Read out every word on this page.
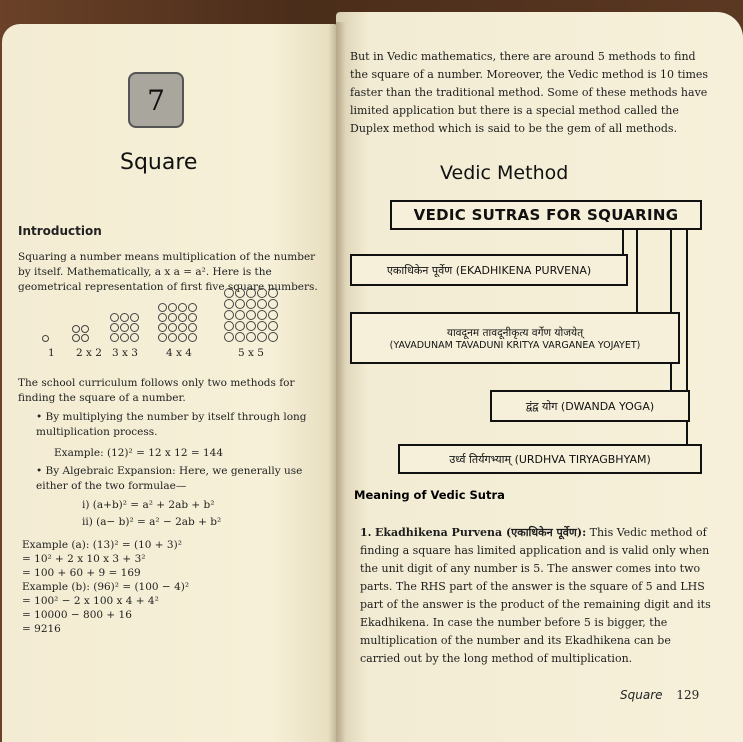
7
Square
Introduction
Squaring a number means multiplication of the number by itself. Mathematically, a x a = a². Here is the geometrical representation of first five square numbers.
1 2 x 2 3 x 3	4 x 4	5 x 5
The school curriculum follows only two methods for finding the square of a number.
• By multiplying the number by itself through long multiplication process.
Example: (12)² = 12 x 12 = 144
• By Algebraic Expansion: Here, we generally use either of the two formulae—
i) (a+b)² = a² + 2ab + b²
ii) (a− b)² = a² − 2ab + b²
Example (a): (13)² = (10 + 3)²
= 10² + 2 x 10 x 3 + 3²
= 100 + 60 + 9 = 169
Example (b): (96)² = (100 − 4)²
= 100² − 2 x 100 x 4 + 4²
= 10000 − 800 + 16
= 9216
But in Vedic mathematics, there are around 5 methods to find the square of a number. Moreover, the Vedic method is 10 times faster than the traditional method. Some of these methods have limited application but there is a special method called the Duplex method which is said to be the gem of all methods.
Vedic Method
VEDIC SUTRAS FOR SQUARING
एकाधिकेन पूर्वेण (EKADHIKENA PURVENA)
यावदूनम तावदूनीकृत्य वर्गेण योजयेत्
(YAVADUNAM TAVADUNI KRITYA VARGANEA YOJAYET)
द्वंद्व योग (DWANDA YOGA)
उर्ध्व तिर्यगभ्याम् (URDHVA TIRYAGBHYAM)
Meaning of Vedic Sutra
1. Ekadhikena Purvena (एकाधिकेन पूर्वेण): This Vedic method of finding a square has limited application and is valid only when the unit digit of any number is 5. The answer comes into two parts. The RHS part of the answer is the square of 5 and LHS part of the answer is the product of the remaining digit and its Ekadhikena. In case the number before 5 is bigger, the multiplication of the number and its Ekadhikena can be carried out by the long method of multiplication.
Square 129
